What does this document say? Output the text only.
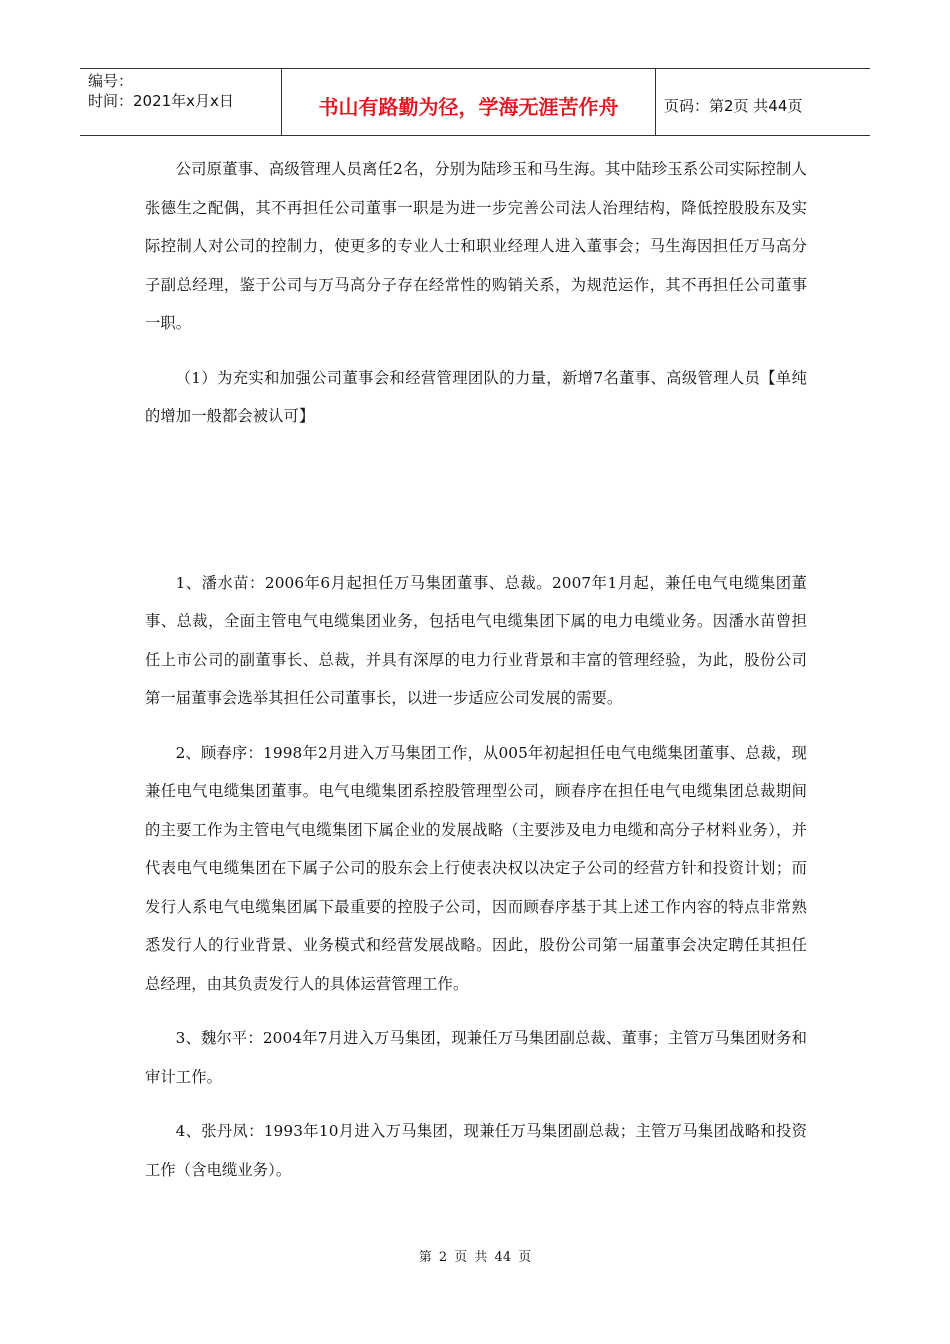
编号：
时间：2021年x月x日	书山有路勤为径，学海无涯苦作舟	页码：第2页 共44页

公司原董事、高级管理人员离任2名，分别为陆珍玉和马生海。其中陆珍玉系公司实际控制人张德生之配偶，其不再担任公司董事一职是为进一步完善公司法人治理结构，降低控股股东及实际控制人对公司的控制力，使更多的专业人士和职业经理人进入董事会；马生海因担任万马高分子副总经理，鉴于公司与万马高分子存在经常性的购销关系，为规范运作，其不再担任公司董事一职。

（1）为充实和加强公司董事会和经营管理团队的力量，新增7名董事、高级管理人员【单纯的增加一般都会被认可】

1、潘水苗：2006年6月起担任万马集团董事、总裁。2007年1月起，兼任电气电缆集团董事、总裁，全面主管电气电缆集团业务，包括电气电缆集团下属的电力电缆业务。因潘水苗曾担任上市公司的副董事长、总裁，并具有深厚的电力行业背景和丰富的管理经验，为此，股份公司第一届董事会选举其担任公司董事长，以进一步适应公司发展的需要。

2、顾春序：1998年2月进入万马集团工作，从005年初起担任电气电缆集团董事、总裁，现兼任电气电缆集团董事。电气电缆集团系控股管理型公司，顾春序在担任电气电缆集团总裁期间的主要工作为主管电气电缆集团下属企业的发展战略（主要涉及电力电缆和高分子材料业务），并代表电气电缆集团在下属子公司的股东会上行使表决权以决定子公司的经营方针和投资计划；而发行人系电气电缆集团属下最重要的控股子公司，因而顾春序基于其上述工作内容的特点非常熟悉发行人的行业背景、业务模式和经营发展战略。因此，股份公司第一届董事会决定聘任其担任总经理，由其负责发行人的具体运营管理工作。

3、魏尔平：2004年7月进入万马集团，现兼任万马集团副总裁、董事；主管万马集团财务和审计工作。

4、张丹凤：1993年10月进入万马集团，现兼任万马集团副总裁；主管万马集团战略和投资工作（含电缆业务）。

第 2 页 共 44 页
